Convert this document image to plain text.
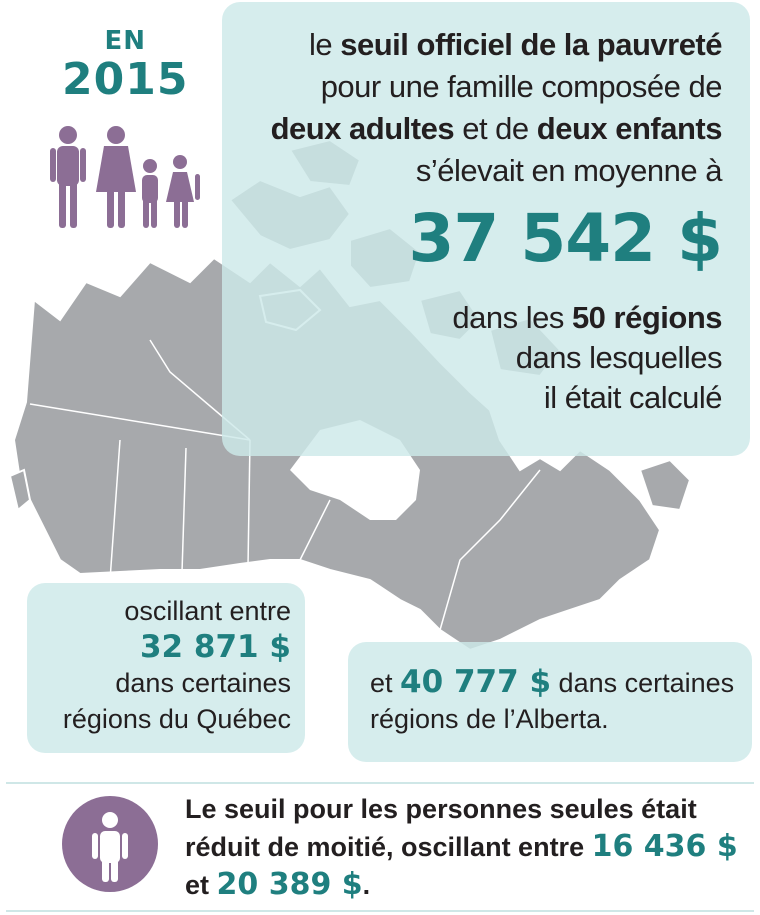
EN
2015
le seuil officiel de la pauvreté
pour une famille composée de
deux adultes et de deux enfants
s’élevait en moyenne à
37 542 $
dans les 50 régions
dans lesquelles
il était calculé
oscillant entre
32 871 $
dans certaines
régions du Québec
et 40 777 $ dans certaines
régions de l’Alberta.
Le seuil pour les personnes seules était
réduit de moitié, oscillant entre 16 436 $
et 20 389 $.
